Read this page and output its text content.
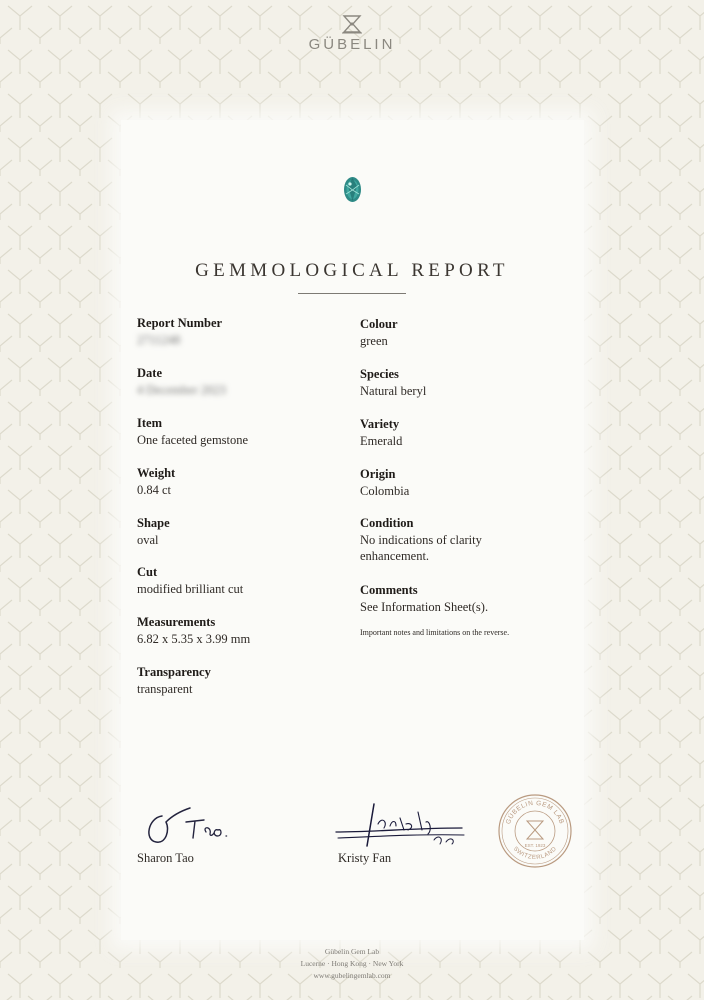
GÜBELIN
GEMMOLOGICAL REPORT
Report Number
2711248
Date
4 December 2023
Item
One faceted gemstone
Weight
0.84 ct
Shape
oval
Cut
modified brilliant cut
Measurements
6.82 x 5.35 x 3.99 mm
Transparency
transparent
Colour
green
Species
Natural beryl
Variety
Emerald
Origin
Colombia
Condition
No indications of clarity
enhancement.
Comments
See Information Sheet(s).
Important notes and limitations on the reverse.
Sharon Tao	Kristy Fan
GÜBELIN GEM LAB
SWITZERLAND
EST. 1923
Gübelin Gem Lab
Lucerne · Hong Kong · New York
www.gubelingemlab.com
